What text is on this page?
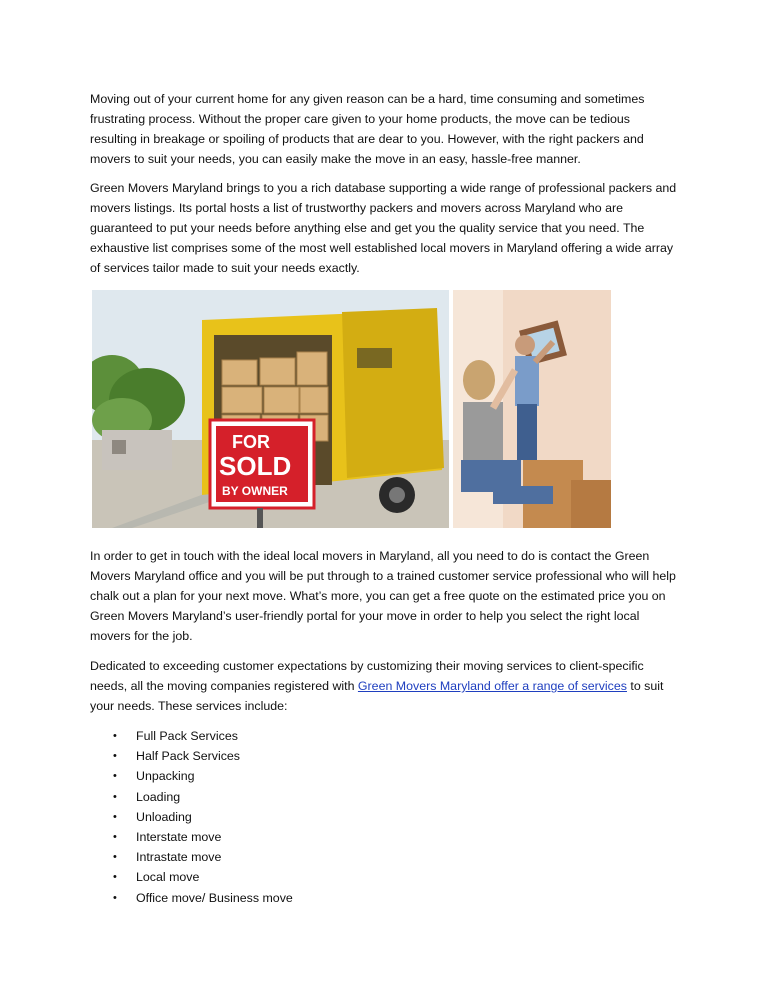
Moving out of your current home for any given reason can be a hard, time consuming and sometimes frustrating process. Without the proper care given to your home products, the move can be tedious resulting in breakage or spoiling of products that are dear to you. However, with the right packers and movers to suit your needs, you can easily make the move in an easy, hassle-free manner.

Green Movers Maryland brings to you a rich database supporting a wide range of professional packers and movers listings. Its portal hosts a list of trustworthy packers and movers across Maryland who are guaranteed to put your needs before anything else and get you the quality service that you need. The exhaustive list comprises some of the most well established local movers in Maryland offering a wide array of services tailor made to suit your needs exactly.

FOR
SOLD
BY OWNER

In order to get in touch with the ideal local movers in Maryland, all you need to do is contact the Green Movers Maryland office and you will be put through to a trained customer service professional who will help chalk out a plan for your next move. What’s more, you can get a free quote on the estimated price you on Green Movers Maryland’s user-friendly portal for your move in order to help you select the right local movers for the job.

Dedicated to exceeding customer expectations by customizing their moving services to client-specific needs, all the moving companies registered with Green Movers Maryland offer a range of services to suit your needs. These services include:

• Full Pack Services
• Half Pack Services
• Unpacking
• Loading
• Unloading
• Interstate move
• Intrastate move
• Local move
• Office move/ Business move
